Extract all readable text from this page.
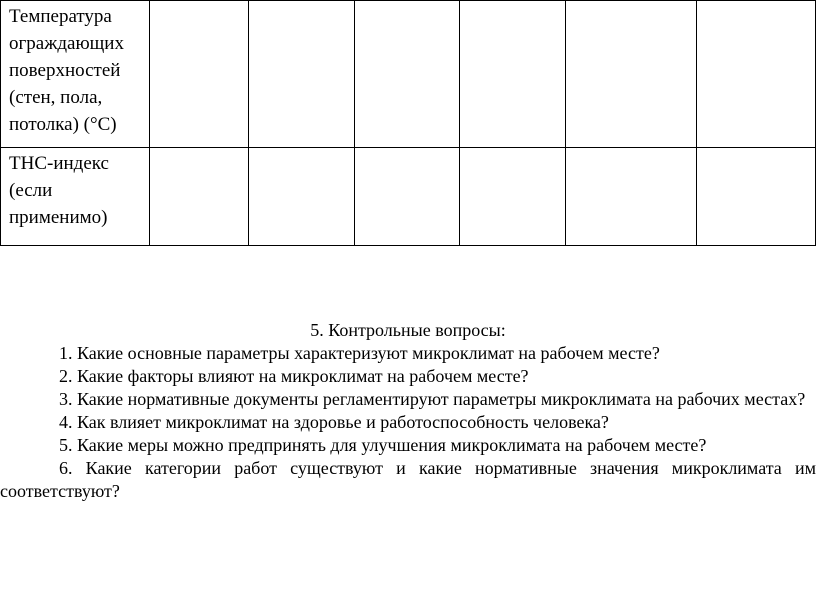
Температура ограждающих поверхностей (стен, пола, потолка) (°C)						
ТНС-индекс (если применимо)						

5. Контрольные вопросы:

1. Какие основные параметры характеризуют микроклимат на рабочем месте?

2. Какие факторы влияют на микроклимат на рабочем месте?

3. Какие нормативные документы регламентируют параметры микроклимата на рабочих местах?

4. Как влияет микроклимат на здоровье и работоспособность человека?

5. Какие меры можно предпринять для улучшения микроклимата на рабочем месте?

6. Какие категории работ существуют и какие нормативные значения микроклимата им соответствуют?
